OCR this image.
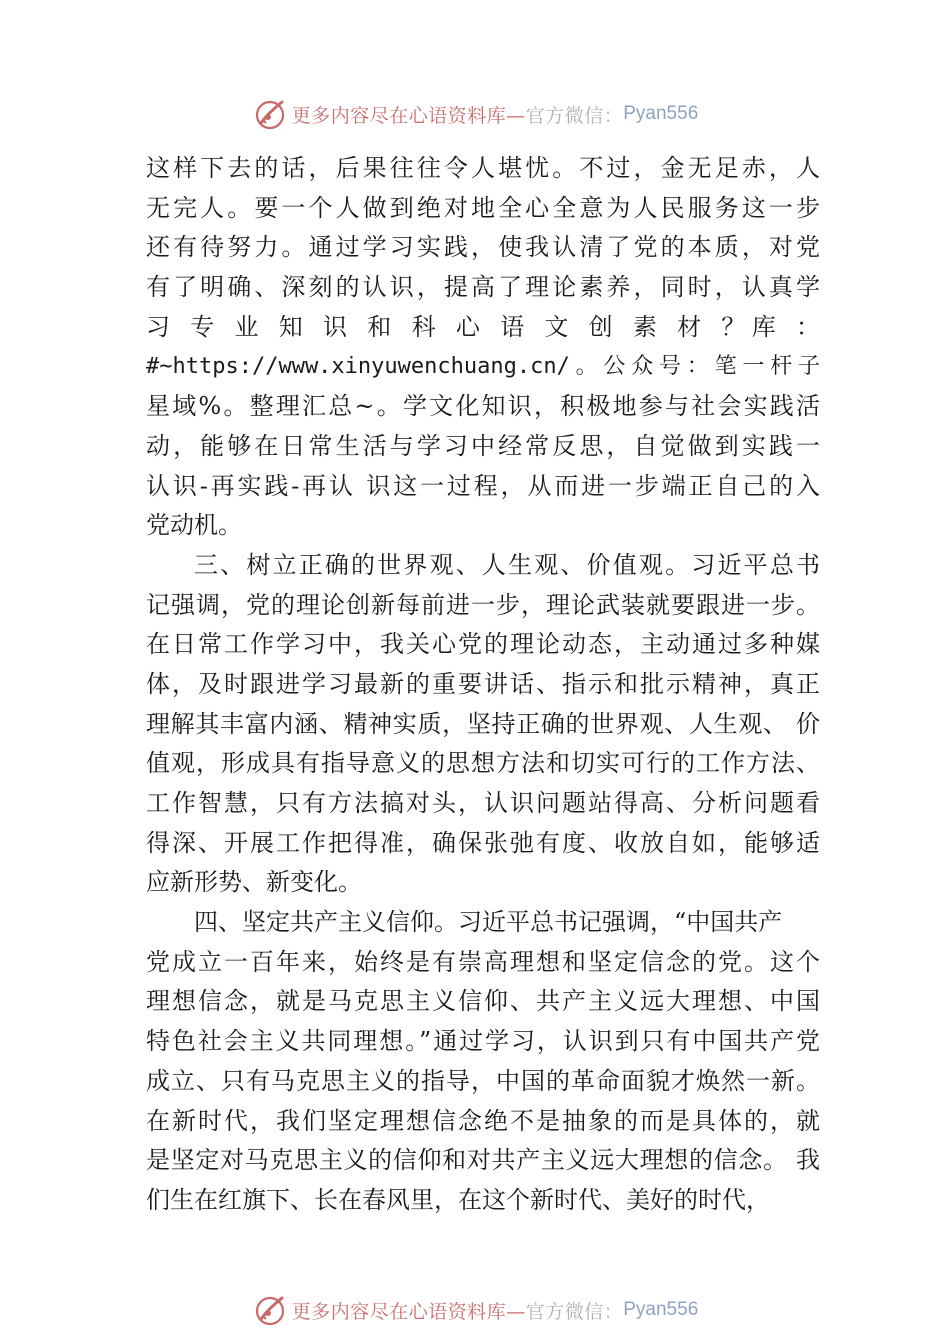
更多内容尽在心语资料库— 官方微信： Pyan556
这样下去的话，后果往往令人堪忧。不过，金无足赤，人
无完人。要一个人做到绝对地全心全意为人民服务这一步
还有待努力。通过学习实践，使我认清了党的本质，对党
有了明确、深刻的认识，提高了理论素养，同时，认真学
习 专 业 知 识 和 科 心 语 文 创 素 材 ？库 ：
#~https://www.xinyuwenchuang.cn/。公众号：笔一杆子
星域%。整理汇总~。学文化知识，积极地参与社会实践活
动，能够在日常生活与学习中经常反思，自觉做到实践一
认识-再实践-再认 识这一过程，从而进一步端正自己的入
党动机。
三、树立正确的世界观、人生观、价值观。习近平总书
记强调，党的理论创新每前进一步，理论武装就要跟进一步。
在日常工作学习中，我关心党的理论动态，主动通过多种媒
体，及时跟进学习最新的重要讲话、指示和批示精神，真正
理解其丰富内涵、精神实质，坚持正确的世界观、人生观、 价
值观，形成具有指导意义的思想方法和切实可行的工作方法、
工作智慧，只有方法搞对头，认识问题站得高、分析问题看
得深、开展工作把得准，确保张弛有度、收放自如，能够适
应新形势、新变化。
四、坚定共产主义信仰。习近平总书记强调，“中国共产
党成立一百年来，始终是有崇高理想和坚定信念的党。这个
理想信念，就是马克思主义信仰、共产主义远大理想、中国
特色社会主义共同理想。”通过学习，认识到只有中国共产党
成立、只有马克思主义的指导，中国的革命面貌才焕然一新。
在新时代，我们坚定理想信念绝不是抽象的而是具体的，就
是坚定对马克思主义的信仰和对共产主义远大理想的信念。 我
们生在红旗下、长在春风里，在这个新时代、美好的时代，
更多内容尽在心语资料库— 官方微信： Pyan556
